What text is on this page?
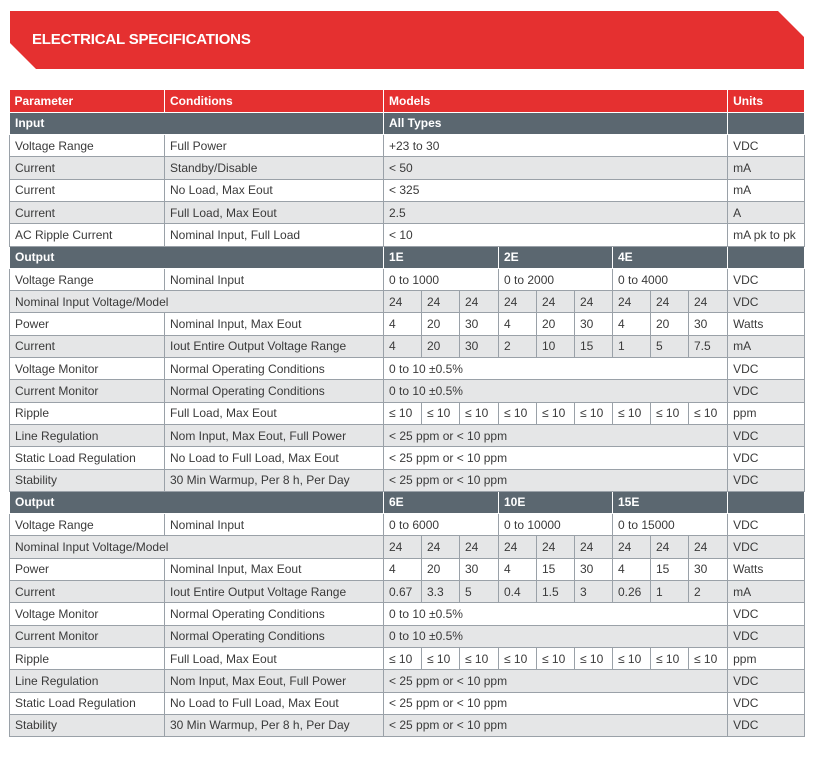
ELECTRICAL SPECIFICATIONS
Parameter	Conditions	Models									Units
Input		All Types									
Voltage Range	Full Power	+23 to 30									VDC
Current	Standby/Disable	< 50									mA
Current	No Load, Max Eout	< 325									mA
Current	Full Load, Max Eout	2.5									A
AC Ripple Current	Nominal Input, Full Load	< 10									mA pk to pk
Output		1E			2E			4E			
Voltage Range	Nominal Input	0 to 1000			0 to 2000			0 to 4000			VDC
Nominal Input Voltage/Model		24	24	24	24	24	24	24	24	24	VDC
Power	Nominal Input, Max Eout	4	20	30	4	20	30	4	20	30	Watts
Current	Iout Entire Output Voltage Range	4	20	30	2	10	15	1	5	7.5	mA
Voltage Monitor	Normal Operating Conditions	0 to 10 ±0.5%									VDC
Current Monitor	Normal Operating Conditions	0 to 10 ±0.5%									VDC
Ripple	Full Load, Max Eout	≤ 10	≤ 10	≤ 10	≤ 10	≤ 10	≤ 10	≤ 10	≤ 10	≤ 10	ppm
Line Regulation	Nom Input, Max Eout, Full Power	< 25 ppm or < 10 ppm									VDC
Static Load Regulation	No Load to Full Load, Max Eout	< 25 ppm or < 10 ppm									VDC
Stability	30 Min Warmup, Per 8 h, Per Day	< 25 ppm or < 10 ppm									VDC
Output		6E			10E			15E			
Voltage Range	Nominal Input	0 to 6000			0 to 10000			0 to 15000			VDC
Nominal Input Voltage/Model		24	24	24	24	24	24	24	24	24	VDC
Power	Nominal Input, Max Eout	4	20	30	4	15	30	4	15	30	Watts
Current	Iout Entire Output Voltage Range	0.67	3.3	5	0.4	1.5	3	0.26	1	2	mA
Voltage Monitor	Normal Operating Conditions	0 to 10 ±0.5%									VDC
Current Monitor	Normal Operating Conditions	0 to 10 ±0.5%									VDC
Ripple	Full Load, Max Eout	≤ 10	≤ 10	≤ 10	≤ 10	≤ 10	≤ 10	≤ 10	≤ 10	≤ 10	ppm
Line Regulation	Nom Input, Max Eout, Full Power	< 25 ppm or < 10 ppm									VDC
Static Load Regulation	No Load to Full Load, Max Eout	< 25 ppm or < 10 ppm									VDC
Stability	30 Min Warmup, Per 8 h, Per Day	< 25 ppm or < 10 ppm									VDC
